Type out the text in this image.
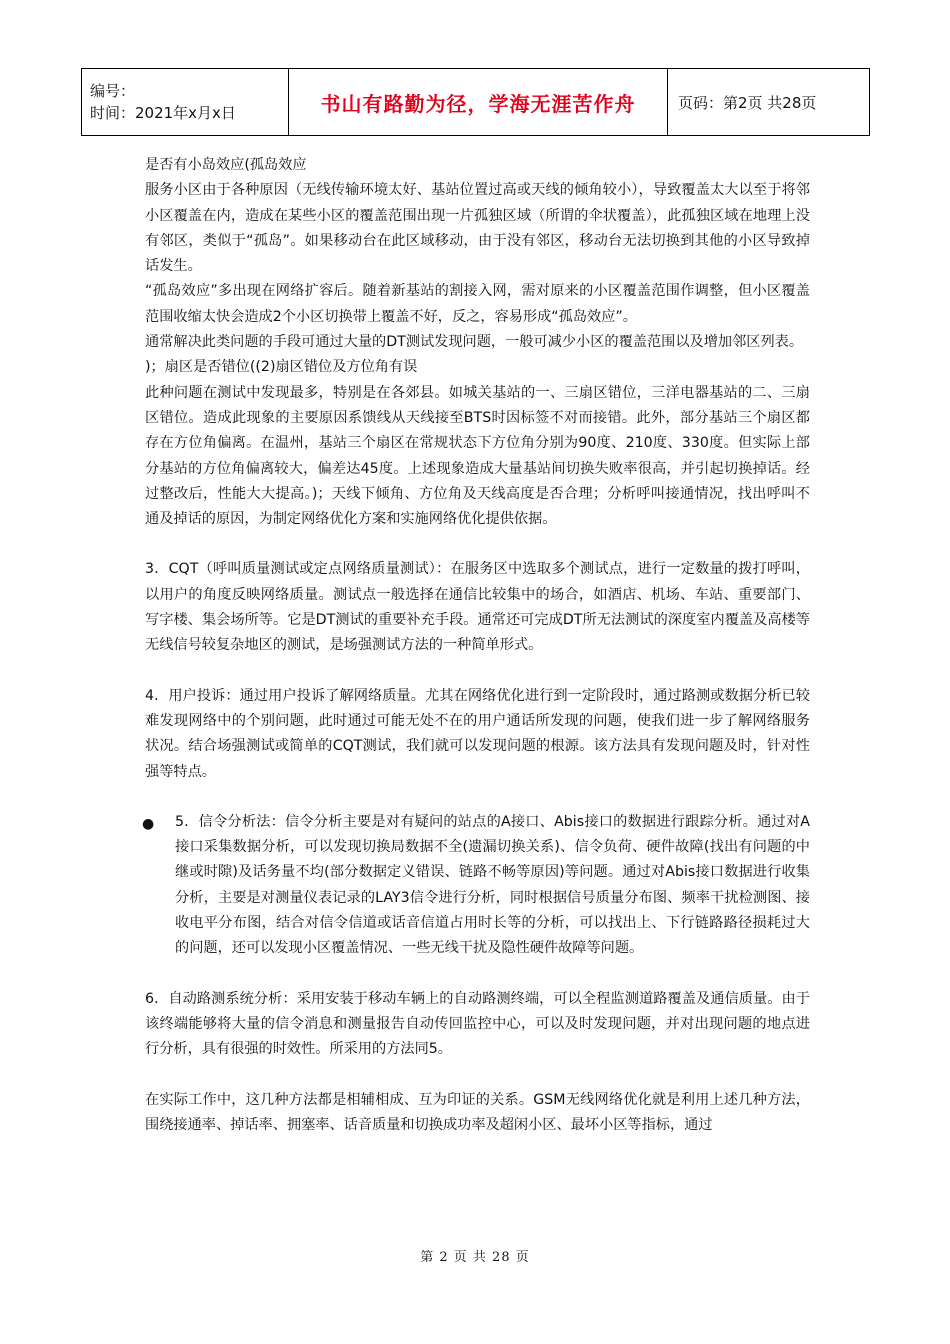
编号：
时间：2021年x月x日	书山有路勤为径，学海无涯苦作舟	页码：第2页 共28页

是否有小岛效应(孤岛效应

服务小区由于各种原因（无线传输环境太好、基站位置过高或天线的倾角较小），导致覆盖太大以至于将邻小区覆盖在内，造成在某些小区的覆盖范围出现一片孤独区域（所谓的伞状覆盖），此孤独区域在地理上没有邻区，类似于“孤岛”。如果移动台在此区域移动，由于没有邻区，移动台无法切换到其他的小区导致掉话发生。

“孤岛效应”多出现在网络扩容后。随着新基站的割接入网，需对原来的小区覆盖范围作调整，但小区覆盖范围收缩太快会造成2个小区切换带上覆盖不好，反之，容易形成“孤岛效应”。

通常解决此类问题的手段可通过大量的DT测试发现问题，一般可减少小区的覆盖范围以及增加邻区列表。

)；扇区是否错位((2)扇区错位及方位角有误

此种问题在测试中发现最多，特别是在各郊县。如城关基站的一、三扇区错位，三洋电器基站的二、三扇区错位。造成此现象的主要原因系馈线从天线接至BTS时因标签不对而接错。此外，部分基站三个扇区都存在方位角偏离。在温州，基站三个扇区在常规状态下方位角分别为90度、210度、330度。但实际上部分基站的方位角偏离较大，偏差达45度。上述现象造成大量基站间切换失败率很高，并引起切换掉话。经过整改后，性能大大提高。)；天线下倾角、方位角及天线高度是否合理；分析呼叫接通情况，找出呼叫不通及掉话的原因，为制定网络优化方案和实施网络优化提供依据。

3．CQT（呼叫质量测试或定点网络质量测试）：在服务区中选取多个测试点，进行一定数量的拨打呼叫，以用户的角度反映网络质量。测试点一般选择在通信比较集中的场合，如酒店、机场、车站、重要部门、写字楼、集会场所等。它是DT测试的重要补充手段。通常还可完成DT所无法测试的深度室内覆盖及高楼等无线信号较复杂地区的测试，是场强测试方法的一种简单形式。

4．用户投诉：通过用户投诉了解网络质量。尤其在网络优化进行到一定阶段时，通过路测或数据分析已较难发现网络中的个别问题，此时通过可能无处不在的用户通话所发现的问题，使我们进一步了解网络服务状况。结合场强测试或简单的CQT测试，我们就可以发现问题的根源。该方法具有发现问题及时，针对性强等特点。

● 5．信令分析法：信令分析主要是对有疑问的站点的A接口、Abis接口的数据进行跟踪分析。通过对A接口采集数据分析，可以发现切换局数据不全(遗漏切换关系)、信令负荷、硬件故障(找出有问题的中继或时隙)及话务量不均(部分数据定义错误、链路不畅等原因)等问题。通过对Abis接口数据进行收集分析，主要是对测量仪表记录的LAY3信令进行分析，同时根据信号质量分布图、频率干扰检测图、接收电平分布图，结合对信令信道或话音信道占用时长等的分析，可以找出上、下行链路路径损耗过大的问题，还可以发现小区覆盖情况、一些无线干扰及隐性硬件故障等问题。

6．自动路测系统分析：采用安装于移动车辆上的自动路测终端，可以全程监测道路覆盖及通信质量。由于该终端能够将大量的信令消息和测量报告自动传回监控中心，可以及时发现问题，并对出现问题的地点进行分析，具有很强的时效性。所采用的方法同5。

在实际工作中，这几种方法都是相辅相成、互为印证的关系。GSM无线网络优化就是利用上述几种方法，围绕接通率、掉话率、拥塞率、话音质量和切换成功率及超闲小区、最坏小区等指标，通过

第 2 页 共 28 页
